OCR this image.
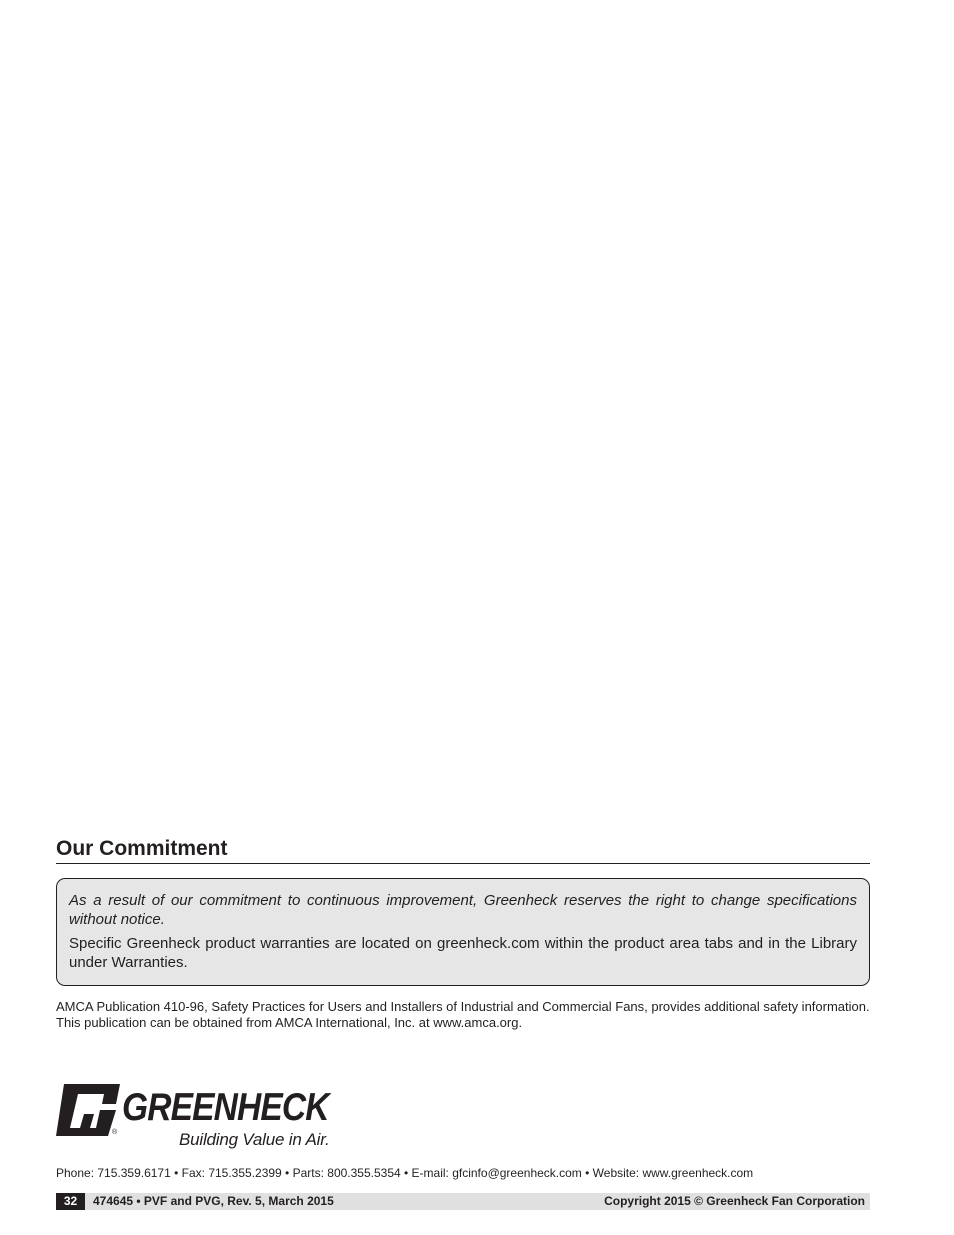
Our Commitment

As a result of our commitment to continuous improvement, Greenheck reserves the right to change specifications without notice.

Specific Greenheck product warranties are located on greenheck.com within the product area tabs and in the Library under Warranties.

AMCA Publication 410-96, Safety Practices for Users and Installers of Industrial and Commercial Fans, provides additional safety information. This publication can be obtained from AMCA International, Inc. at www.amca.org.
GREENHECK
®	Building Value in Air.
Phone: 715.359.6171 • Fax: 715.355.2399 • Parts: 800.355.5354 • E-mail: gfcinfo@greenheck.com • Website: www.greenheck.com
32	474645 • PVF and PVG, Rev. 5, March 2015	Copyright 2015 © Greenheck Fan Corporation
